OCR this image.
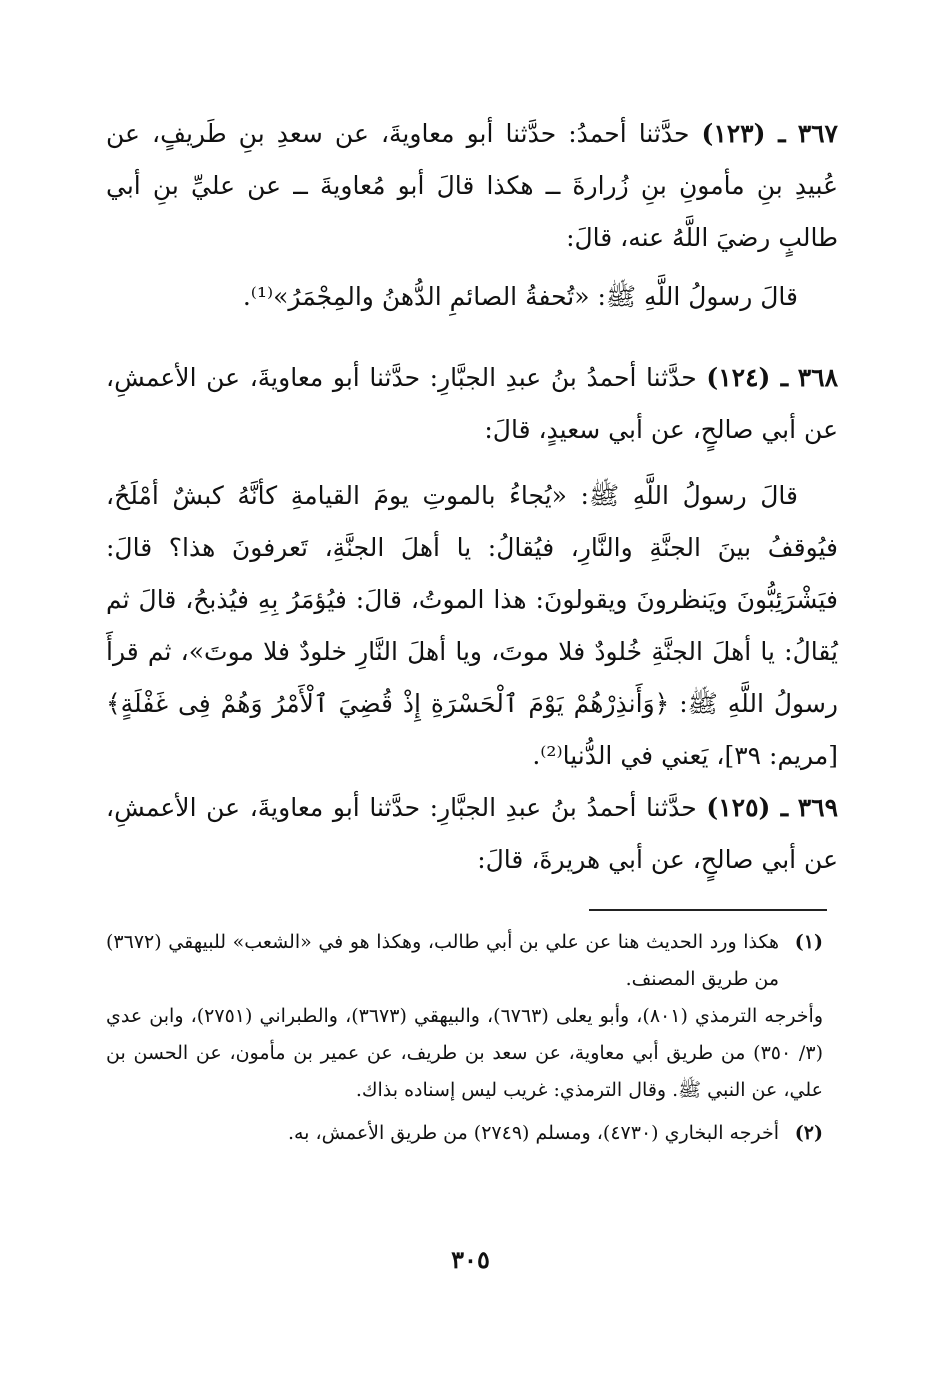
٣٦٧ ـ (١٢٣) حدَّثنا أحمدُ: حدَّثنا أبو معاويةَ، عن سعدِ بنِ طَريفٍ، عن عُبيدِ بنِ مأمونِ بنِ زُرارةَ ــ هكذا قالَ أبو مُعاويةَ ــ عن عليِّ بنِ أبي طالبٍ رضيَ اللَّهُ عنه، قالَ:

قالَ رسولُ اللَّهِ ﷺ: «تُحفةُ الصائمِ الدُّهنُ والمِجْمَرُ»⁽¹⁾.

٣٦٨ ـ (١٢٤) حدَّثنا أحمدُ بنُ عبدِ الجبَّارِ: حدَّثنا أبو معاويةَ، عن الأعمشِ، عن أبي صالحٍ، عن أبي سعيدٍ، قالَ:

قالَ رسولُ اللَّهِ ﷺ: «يُجاءُ بالموتِ يومَ القيامةِ كأنَّهُ كبشٌ أمْلَحُ، فيُوقفُ بينَ الجنَّةِ والنَّارِ، فيُقالُ: يا أهلَ الجنَّةِ، تَعرفونَ هذا؟ قالَ: فيَشْرَئِبُّونَ ويَنظرونَ ويقولونَ: هذا الموتُ، قالَ: فيُؤمَرُ بِهِ فيُذبحُ، قالَ ثم يُقالُ: يا أهلَ الجنَّةِ خُلودٌ فلا موتَ، ويا أهلَ النَّارِ خلودٌ فلا موتَ»، ثم قرأَ رسولُ اللَّهِ ﷺ: ﴿وَأَنذِرْهُمْ يَوْمَ ٱلْحَسْرَةِ إِذْ قُضِيَ ٱلْأَمْرُ وَهُمْ فِى غَفْلَةٍ﴾ [مريم: ٣٩]، يَعني في الدُّنيا⁽²⁾.

٣٦٩ ـ (١٢٥) حدَّثنا أحمدُ بنُ عبدِ الجبَّارِ: حدَّثنا أبو معاويةَ، عن الأعمشِ، عن أبي صالحٍ، عن أبي هريرةَ، قالَ:

(١)
هكذا ورد الحديث هنا عن علي بن أبي طالب، وهكذا هو في «الشعب» للبيهقي (٣٦٧٢) من طريق المصنف.

وأخرجه الترمذي (٨٠١)، وأبو يعلى (٦٧٦٣)، والبيهقي (٣٦٧٣)، والطبراني (٢٧٥١)، وابن عدي (٣/ ٣٥٠) من طريق أبي معاوية، عن سعد بن طريف، عن عمير بن مأمون، عن الحسن بن علي، عن النبي ﷺ. وقال الترمذي: غريب ليس إسناده بذاك.

(٢)
أخرجه البخاري (٤٧٣٠)، ومسلم (٢٧٤٩) من طريق الأعمش، به.

٣٠٥
